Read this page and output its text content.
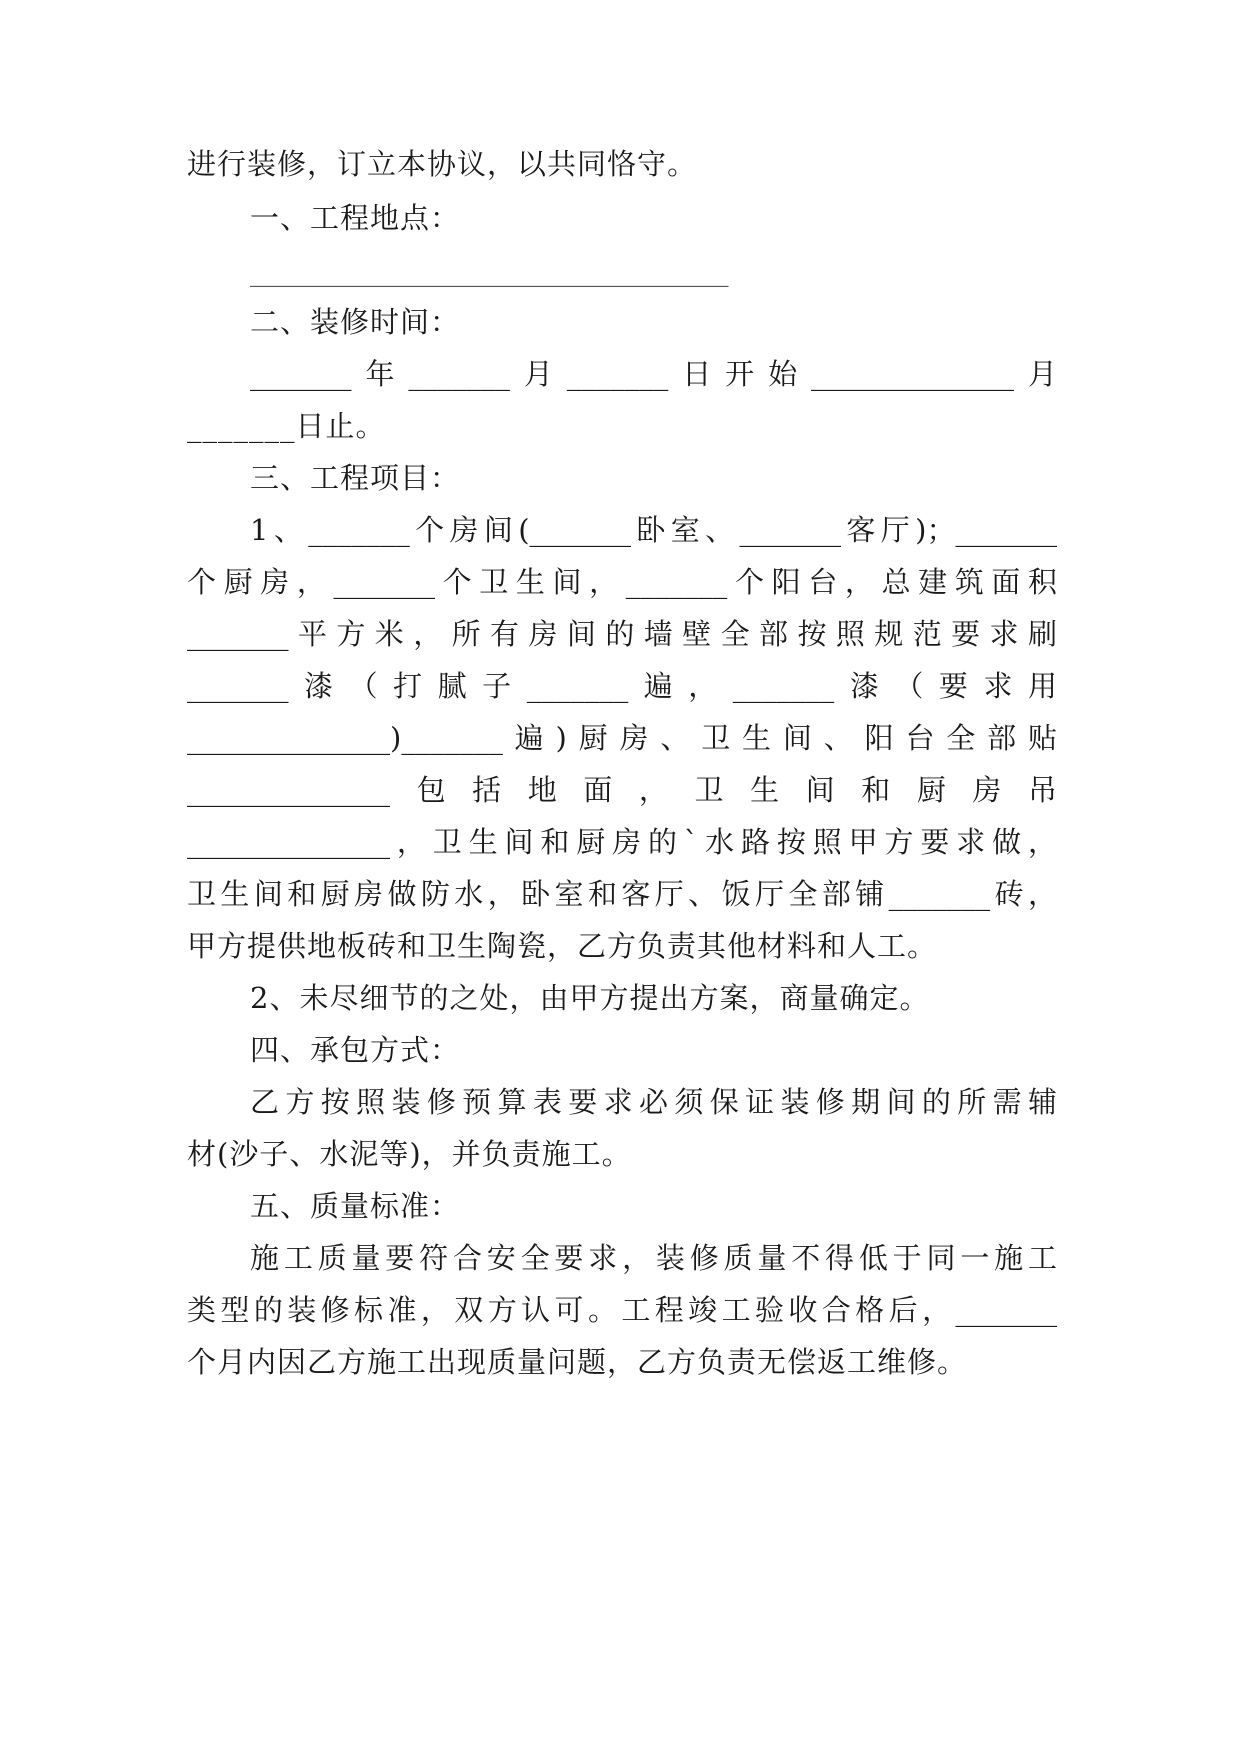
进行装修，订立本协议，以共同恪守。
一、工程地点：
_________________________________
二、装修时间：
_______年_______月_______日开始______________月
_______日止。
三、工程项目：
1、_______个房间(_______卧室、_______客厅)；_______
个厨房，_______个卫生间，_______个阳台，总建筑面积
_______平方米，所有房间的墙壁全部按照规范要求刷
_______漆（打腻子_______遍，_______漆（要求用
______________)_______遍)厨房、卫生间、阳台全部贴
______________包括地面，卫生间和厨房吊
______________，卫生间和厨房的`水路按照甲方要求做，
卫生间和厨房做防水，卧室和客厅、饭厅全部铺_______砖，
甲方提供地板砖和卫生陶瓷，乙方负责其他材料和人工。
2、未尽细节的之处，由甲方提出方案，商量确定。
四、承包方式：
乙方按照装修预算表要求必须保证装修期间的所需辅
材(沙子、水泥等)，并负责施工。
五、质量标准：
施工质量要符合安全要求，装修质量不得低于同一施工
类型的装修标准，双方认可。工程竣工验收合格后，_______
个月内因乙方施工出现质量问题，乙方负责无偿返工维修。
